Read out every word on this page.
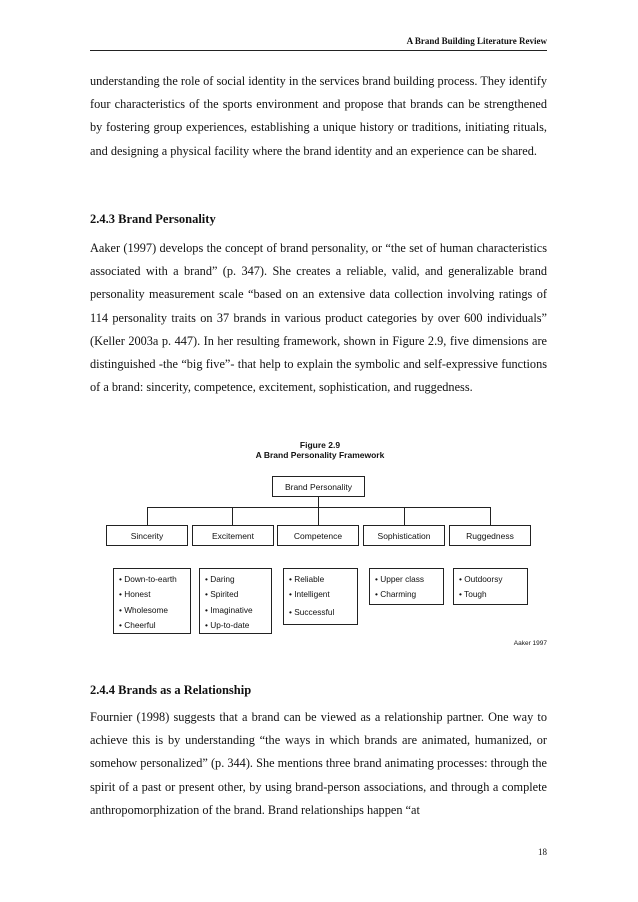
A Brand Building Literature Review

understanding the role of social identity in the services brand building process. They identify four characteristics of the sports environment and propose that brands can be strengthened by fostering group experiences, establishing a unique history or traditions, initiating rituals, and designing a physical facility where the brand identity and an experience can be shared.

2.4.3 Brand Personality

Aaker (1997) develops the concept of brand personality, or “the set of human characteristics associated with a brand” (p. 347). She creates a reliable, valid, and generalizable brand personality measurement scale “based on an extensive data collection involving ratings of 114 personality traits on 37 brands in various product categories by over 600 individuals” (Keller 2003a p. 447). In her resulting framework, shown in Figure 2.9, five dimensions are distinguished -the “big five”- that help to explain the symbolic and self-expressive functions of a brand: sincerity, competence, excitement, sophistication, and ruggedness.

Figure 2.9
A Brand Personality Framework
Brand Personality
Sincerity	Excitement	Competence	Sophistication	Ruggedness
• Down-to-earth
• Honest
• Wholesome
• Cheerful
• Daring
• Spirited
• Imaginative
• Up-to-date
• Reliable
• Intelligent
• Successful
• Upper class
• Charming
• Outdoorsy
• Tough
Aaker 1997
2.4.4 Brands as a Relationship

Fournier (1998) suggests that a brand can be viewed as a relationship partner. One way to achieve this is by understanding “the ways in which brands are animated, humanized, or somehow personalized” (p. 344). She mentions three brand animating processes: through the spirit of a past or present other, by using brand-person associations, and through a complete anthropomorphization of the brand. Brand relationships happen “at

18
